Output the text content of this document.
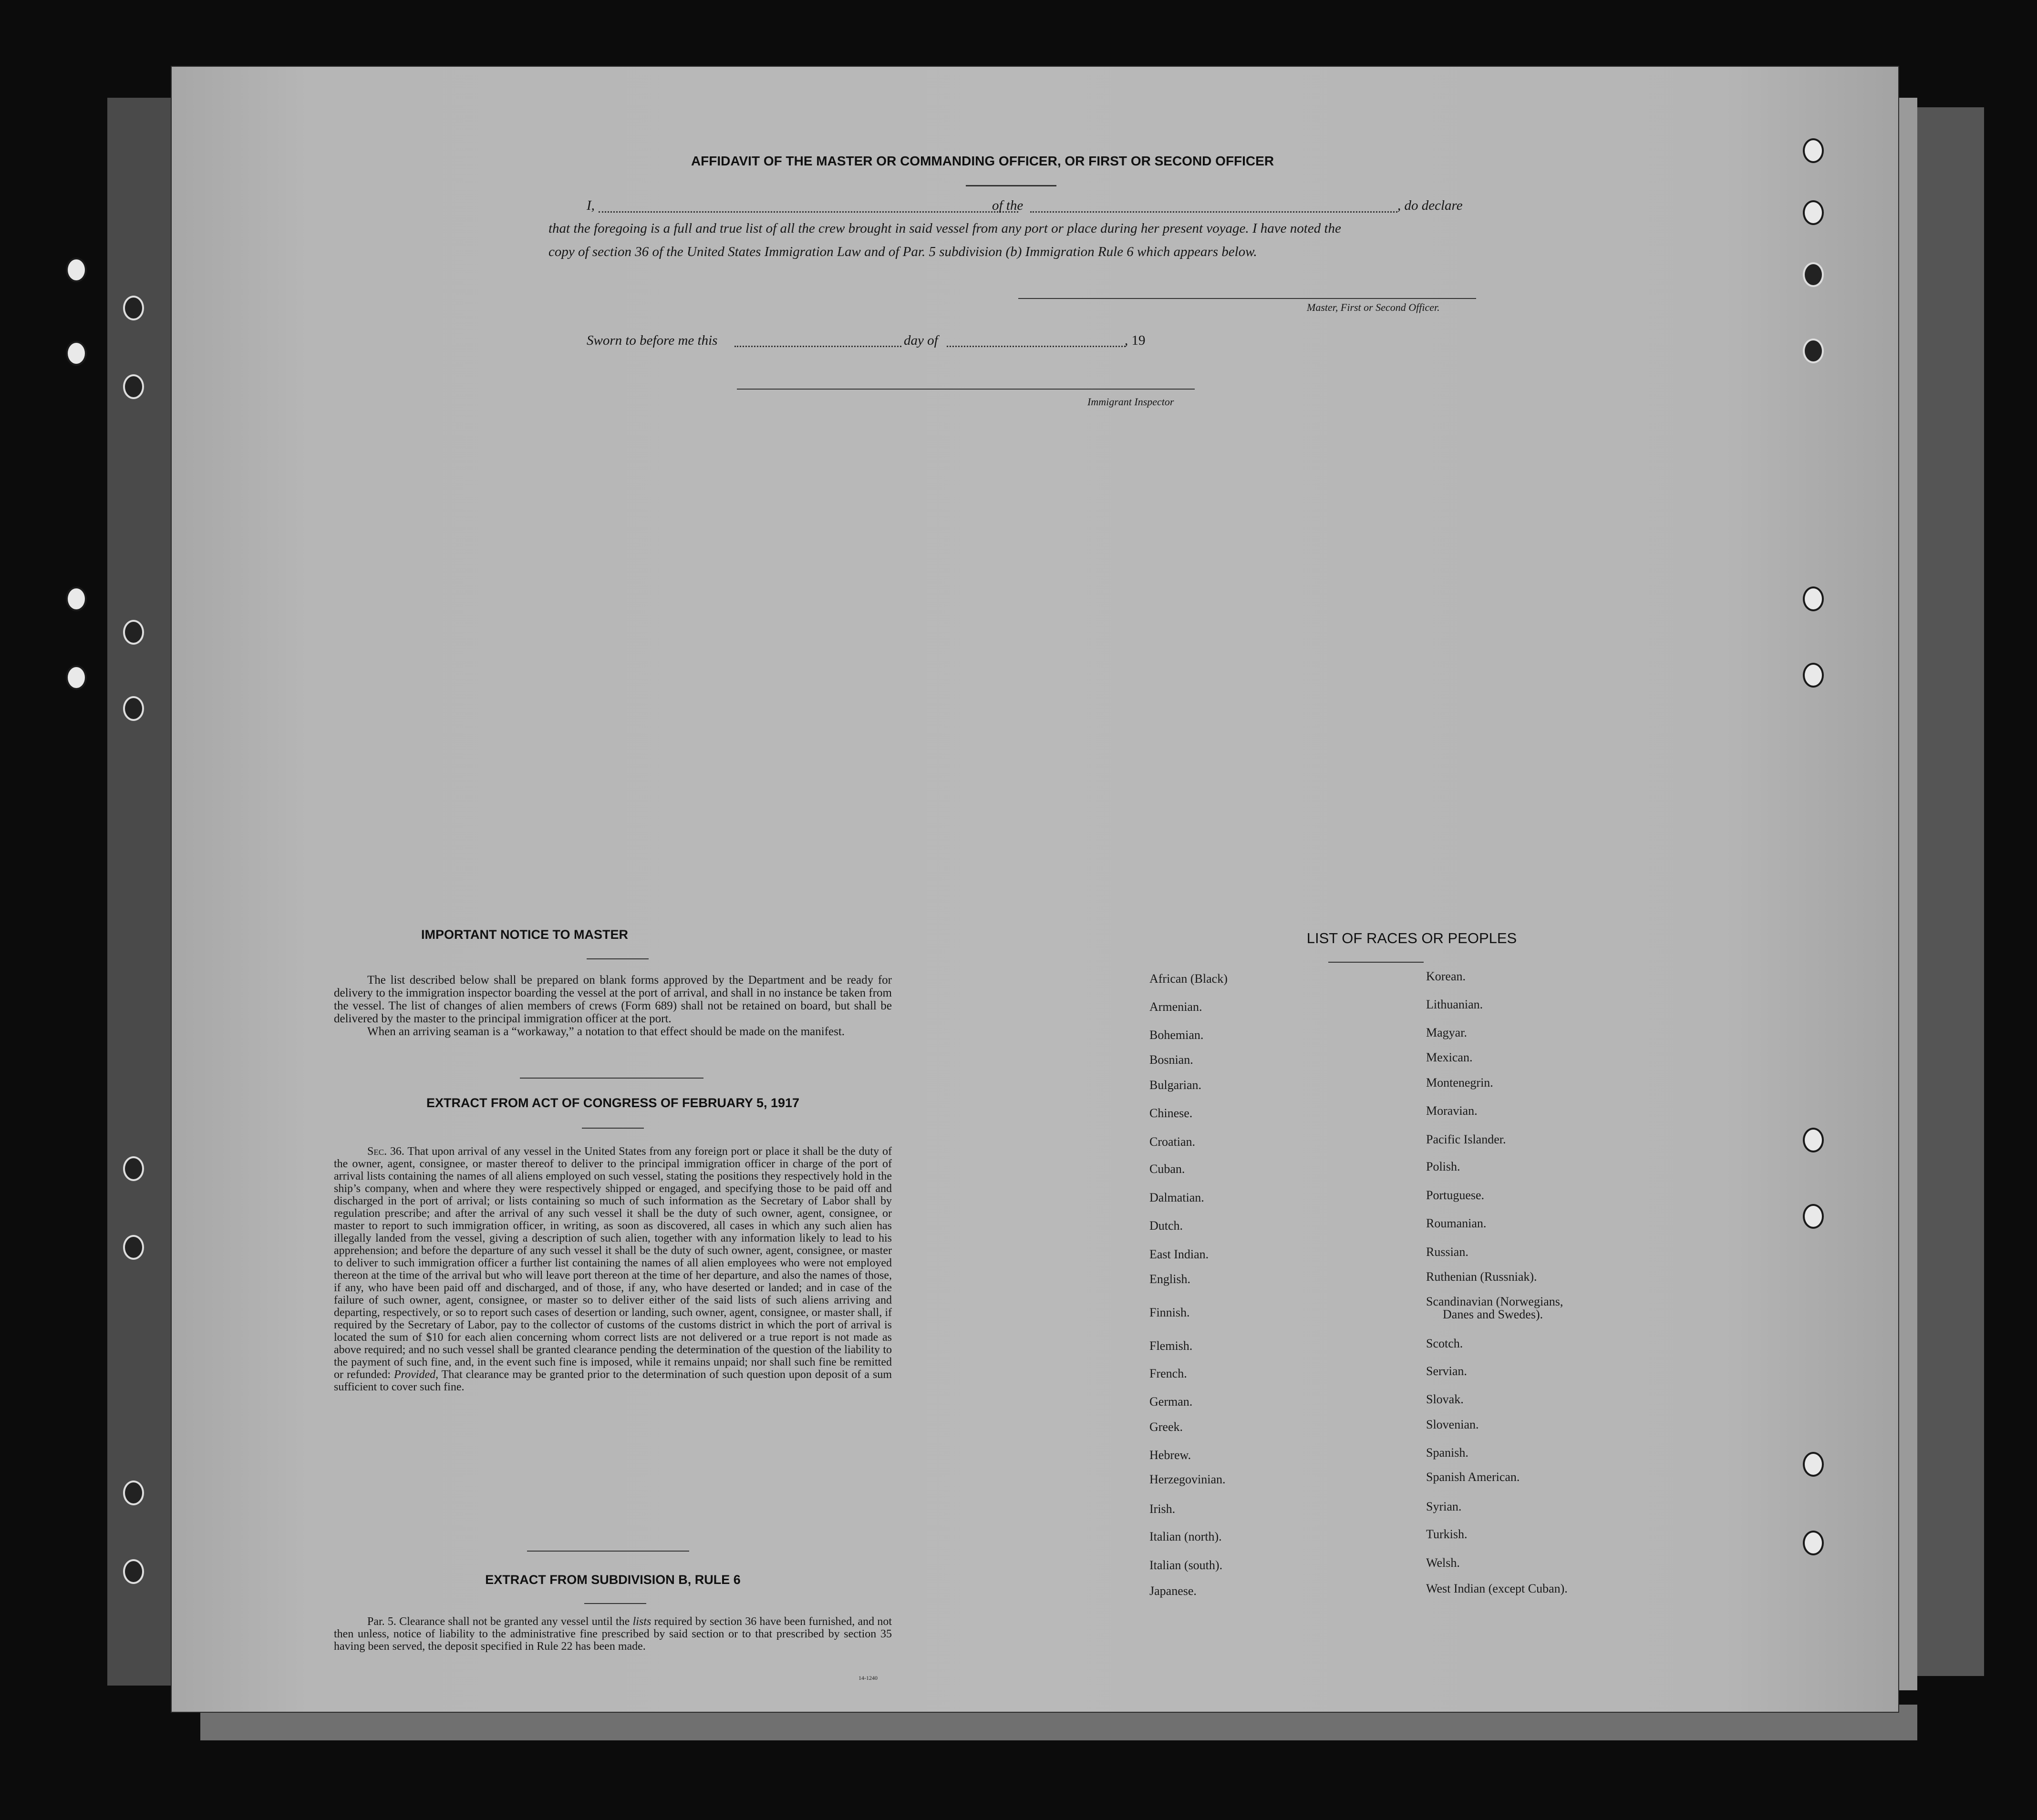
AFFIDAVIT OF THE MASTER OR COMMANDING OFFICER, OR FIRST OR SECOND OFFICER
I,	of the	, do declare
that the foregoing is a full and true list of all the crew brought in said vessel from any port or place during her present voyage. I have noted the
copy of section 36 of the United States Immigration Law and of Par. 5 subdivision (b) Immigration Rule 6 which appears below.
Master, First or Second Officer.
Sworn to before me this	day of	, 19
Immigrant Inspector
IMPORTANT NOTICE TO MASTER

The list described below shall be prepared on blank forms approved by the Department and be ready for delivery to the immigration inspector boarding the vessel at the port of arrival, and shall in no instance be taken from the vessel. The list of changes of alien members of crews (Form 689) shall not be retained on board, but shall be delivered by the master to the principal immigration officer at the port.

When an arriving seaman is a “workaway,” a notation to that effect should be made on the manifest.

EXTRACT FROM ACT OF CONGRESS OF FEBRUARY 5, 1917

Sec. 36. That upon arrival of any vessel in the United States from any foreign port or place it shall be the duty of the owner, agent, consignee, or master thereof to deliver to the principal immigration officer in charge of the port of arrival lists containing the names of all aliens employed on such vessel, stating the positions they respectively hold in the ship’s company, when and where they were respectively shipped or engaged, and specifying those to be paid off and discharged in the port of arrival; or lists containing so much of such information as the Secretary of Labor shall by regulation prescribe; and after the arrival of any such vessel it shall be the duty of such owner, agent, consignee, or master to report to such immigration officer, in writing, as soon as discovered, all cases in which any such alien has illegally landed from the vessel, giving a description of such alien, together with any information likely to lead to his apprehension; and before the departure of any such vessel it shall be the duty of such owner, agent, consignee, or master to deliver to such immigration officer a further list containing the names of all alien employees who were not employed thereon at the time of the arrival but who will leave port thereon at the time of her departure, and also the names of those, if any, who have been paid off and discharged, and of those, if any, who have deserted or landed; and in case of the failure of such owner, agent, consignee, or master so to deliver either of the said lists of such aliens arriving and departing, respectively, or so to report such cases of desertion or landing, such owner, agent, consignee, or master shall, if required by the Secretary of Labor, pay to the collector of customs of the customs district in which the port of arrival is located the sum of $10 for each alien concerning whom correct lists are not delivered or a true report is not made as above required; and no such vessel shall be granted clearance pending the determination of the question of the liability to the payment of such fine, and, in the event such fine is imposed, while it remains unpaid; nor shall such fine be remitted or refunded: Provided, That clearance may be granted prior to the determination of such question upon deposit of a sum sufficient to cover such fine.

EXTRACT FROM SUBDIVISION B, RULE 6

Par. 5. Clearance shall not be granted any vessel until the lists required by section 36 have been furnished, and not then unless, notice of liability to the administrative fine prescribed by said section or to that prescribed by section 35 having been served, the deposit specified in Rule 22 has been made.

14-1240
LIST OF RACES OR PEOPLES
African (Black)
Armenian.
Bohemian.
Bosnian.
Bulgarian.
Chinese.
Croatian.
Cuban.
Dalmatian.
Dutch.
East Indian.
English.
Finnish.
Flemish.
French.
German.
Greek.
Hebrew.
Herzegovinian.
Irish.
Italian (north).
Italian (south).
Japanese.
Korean.
Lithuanian.
Magyar.
Mexican.
Montenegrin.
Moravian.
Pacific Islander.
Polish.
Portuguese.
Roumanian.
Russian.
Ruthenian (Russniak).
Scandinavian (Norwegians,
Danes and Swedes).
Scotch.
Servian.
Slovak.
Slovenian.
Spanish.
Spanish American.
Syrian.
Turkish.
Welsh.
West Indian (except Cuban).
